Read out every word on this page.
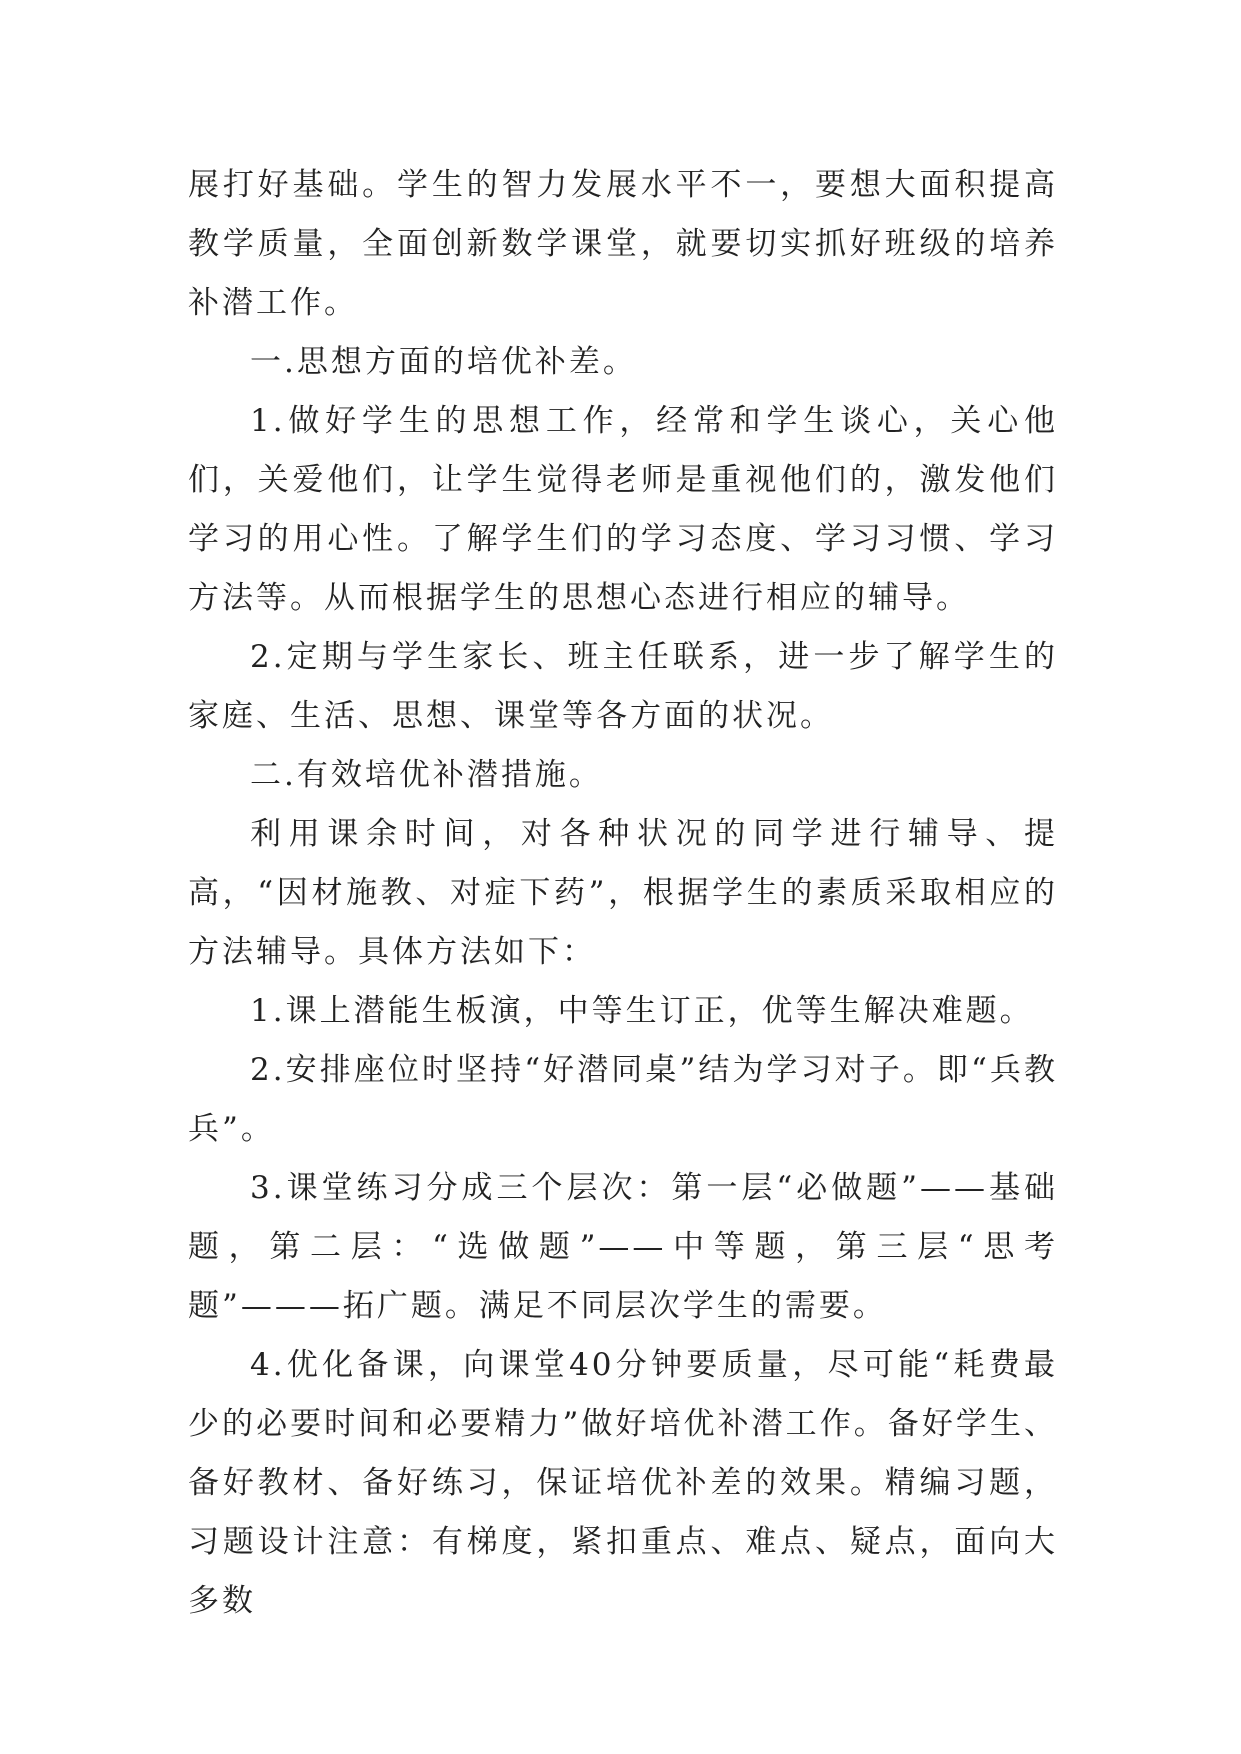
展打好基础。学生的智力发展水平不一，要想大面积提高教学质量，全面创新数学课堂，就要切实抓好班级的培养补潜工作。

一.思想方面的培优补差。

1.做好学生的思想工作，经常和学生谈心，关心他们，关爱他们，让学生觉得老师是重视他们的，激发他们学习的用心性。了解学生们的学习态度、学习习惯、学习方法等。从而根据学生的思想心态进行相应的辅导。

2.定期与学生家长、班主任联系，进一步了解学生的家庭、生活、思想、课堂等各方面的状况。

二.有效培优补潜措施。

利用课余时间，对各种状况的同学进行辅导、提高，“因材施教、对症下药”，根据学生的素质采取相应的方法辅导。具体方法如下：

1.课上潜能生板演，中等生订正，优等生解决难题。

2.安排座位时坚持“好潜同桌”结为学习对子。即“兵教兵”。

3.课堂练习分成三个层次：第一层“必做题”——基础题，第二层：“选做题”——中等题，第三层“思考题”———拓广题。满足不同层次学生的需要。

4.优化备课，向课堂40分钟要质量，尽可能“耗费最少的必要时间和必要精力”做好培优补潜工作。备好学生、备好教材、备好练习，保证培优补差的效果。精编习题，习题设计注意：有梯度，紧扣重点、难点、疑点，面向大多数
